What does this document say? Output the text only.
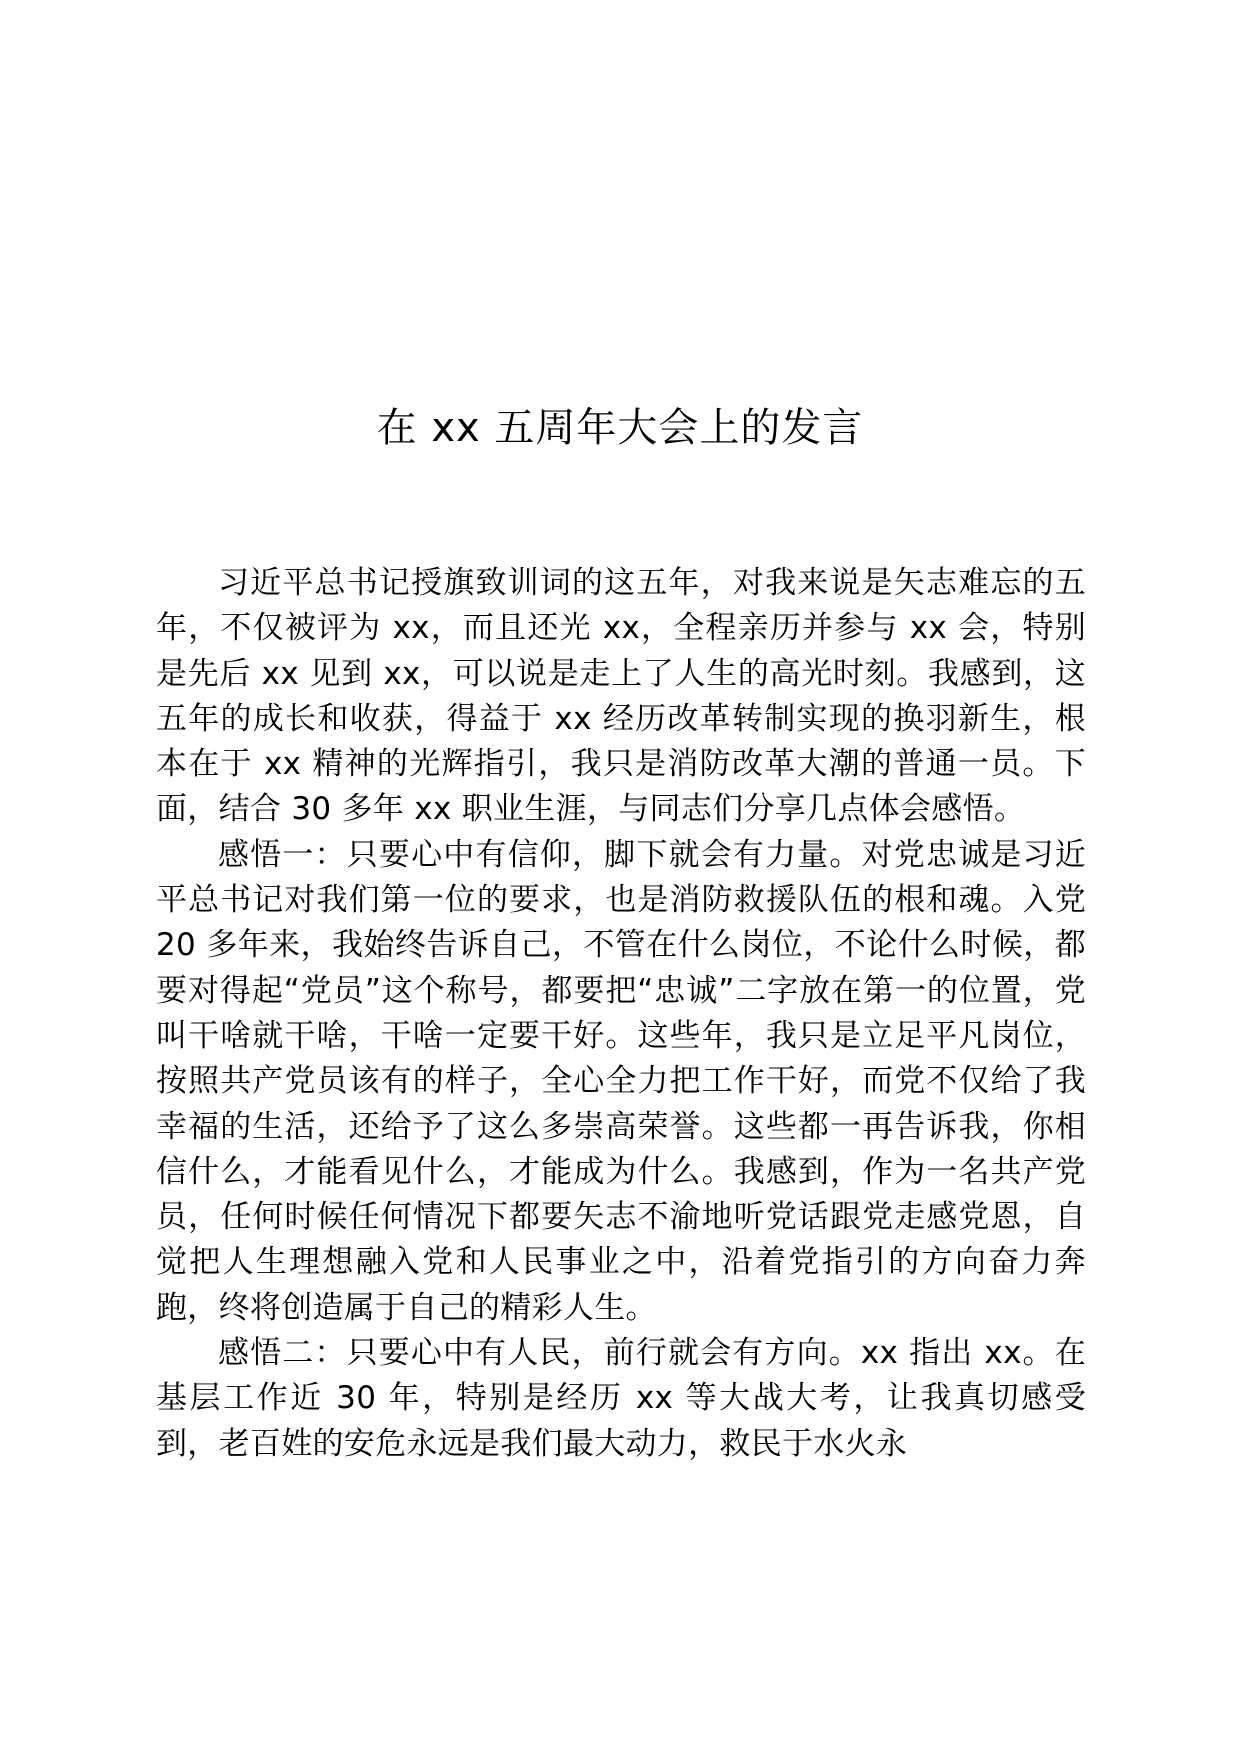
在 xx 五周年大会上的发言

习近平总书记授旗致训词的这五年，对我来说是矢志难忘的五年，不仅被评为 xx，而且还光 xx，全程亲历并参与 xx 会，特别是先后 xx 见到 xx，可以说是走上了人生的高光时刻。我感到，这五年的成长和收获，得益于 xx 经历改革转制实现的换羽新生，根本在于 xx 精神的光辉指引，我只是消防改革大潮的普通一员。下面，结合 30 多年 xx 职业生涯，与同志们分享几点体会感悟。

感悟一：只要心中有信仰，脚下就会有力量。对党忠诚是习近平总书记对我们第一位的要求，也是消防救援队伍的根和魂。入党 20 多年来，我始终告诉自己，不管在什么岗位，不论什么时候，都要对得起“党员”这个称号，都要把“忠诚”二字放在第一的位置，党叫干啥就干啥，干啥一定要干好。这些年，我只是立足平凡岗位，按照共产党员该有的样子，全心全力把工作干好，而党不仅给了我幸福的生活，还给予了这么多崇高荣誉。这些都一再告诉我，你相信什么，才能看见什么，才能成为什么。我感到，作为一名共产党员，任何时候任何情况下都要矢志不渝地听党话跟党走感党恩，自觉把人生理想融入党和人民事业之中，沿着党指引的方向奋力奔跑，终将创造属于自己的精彩人生。

感悟二：只要心中有人民，前行就会有方向。xx 指出 xx。在基层工作近 30 年，特别是经历 xx 等大战大考，让我真切感受到，老百姓的安危永远是我们最大动力，救民于水火永
